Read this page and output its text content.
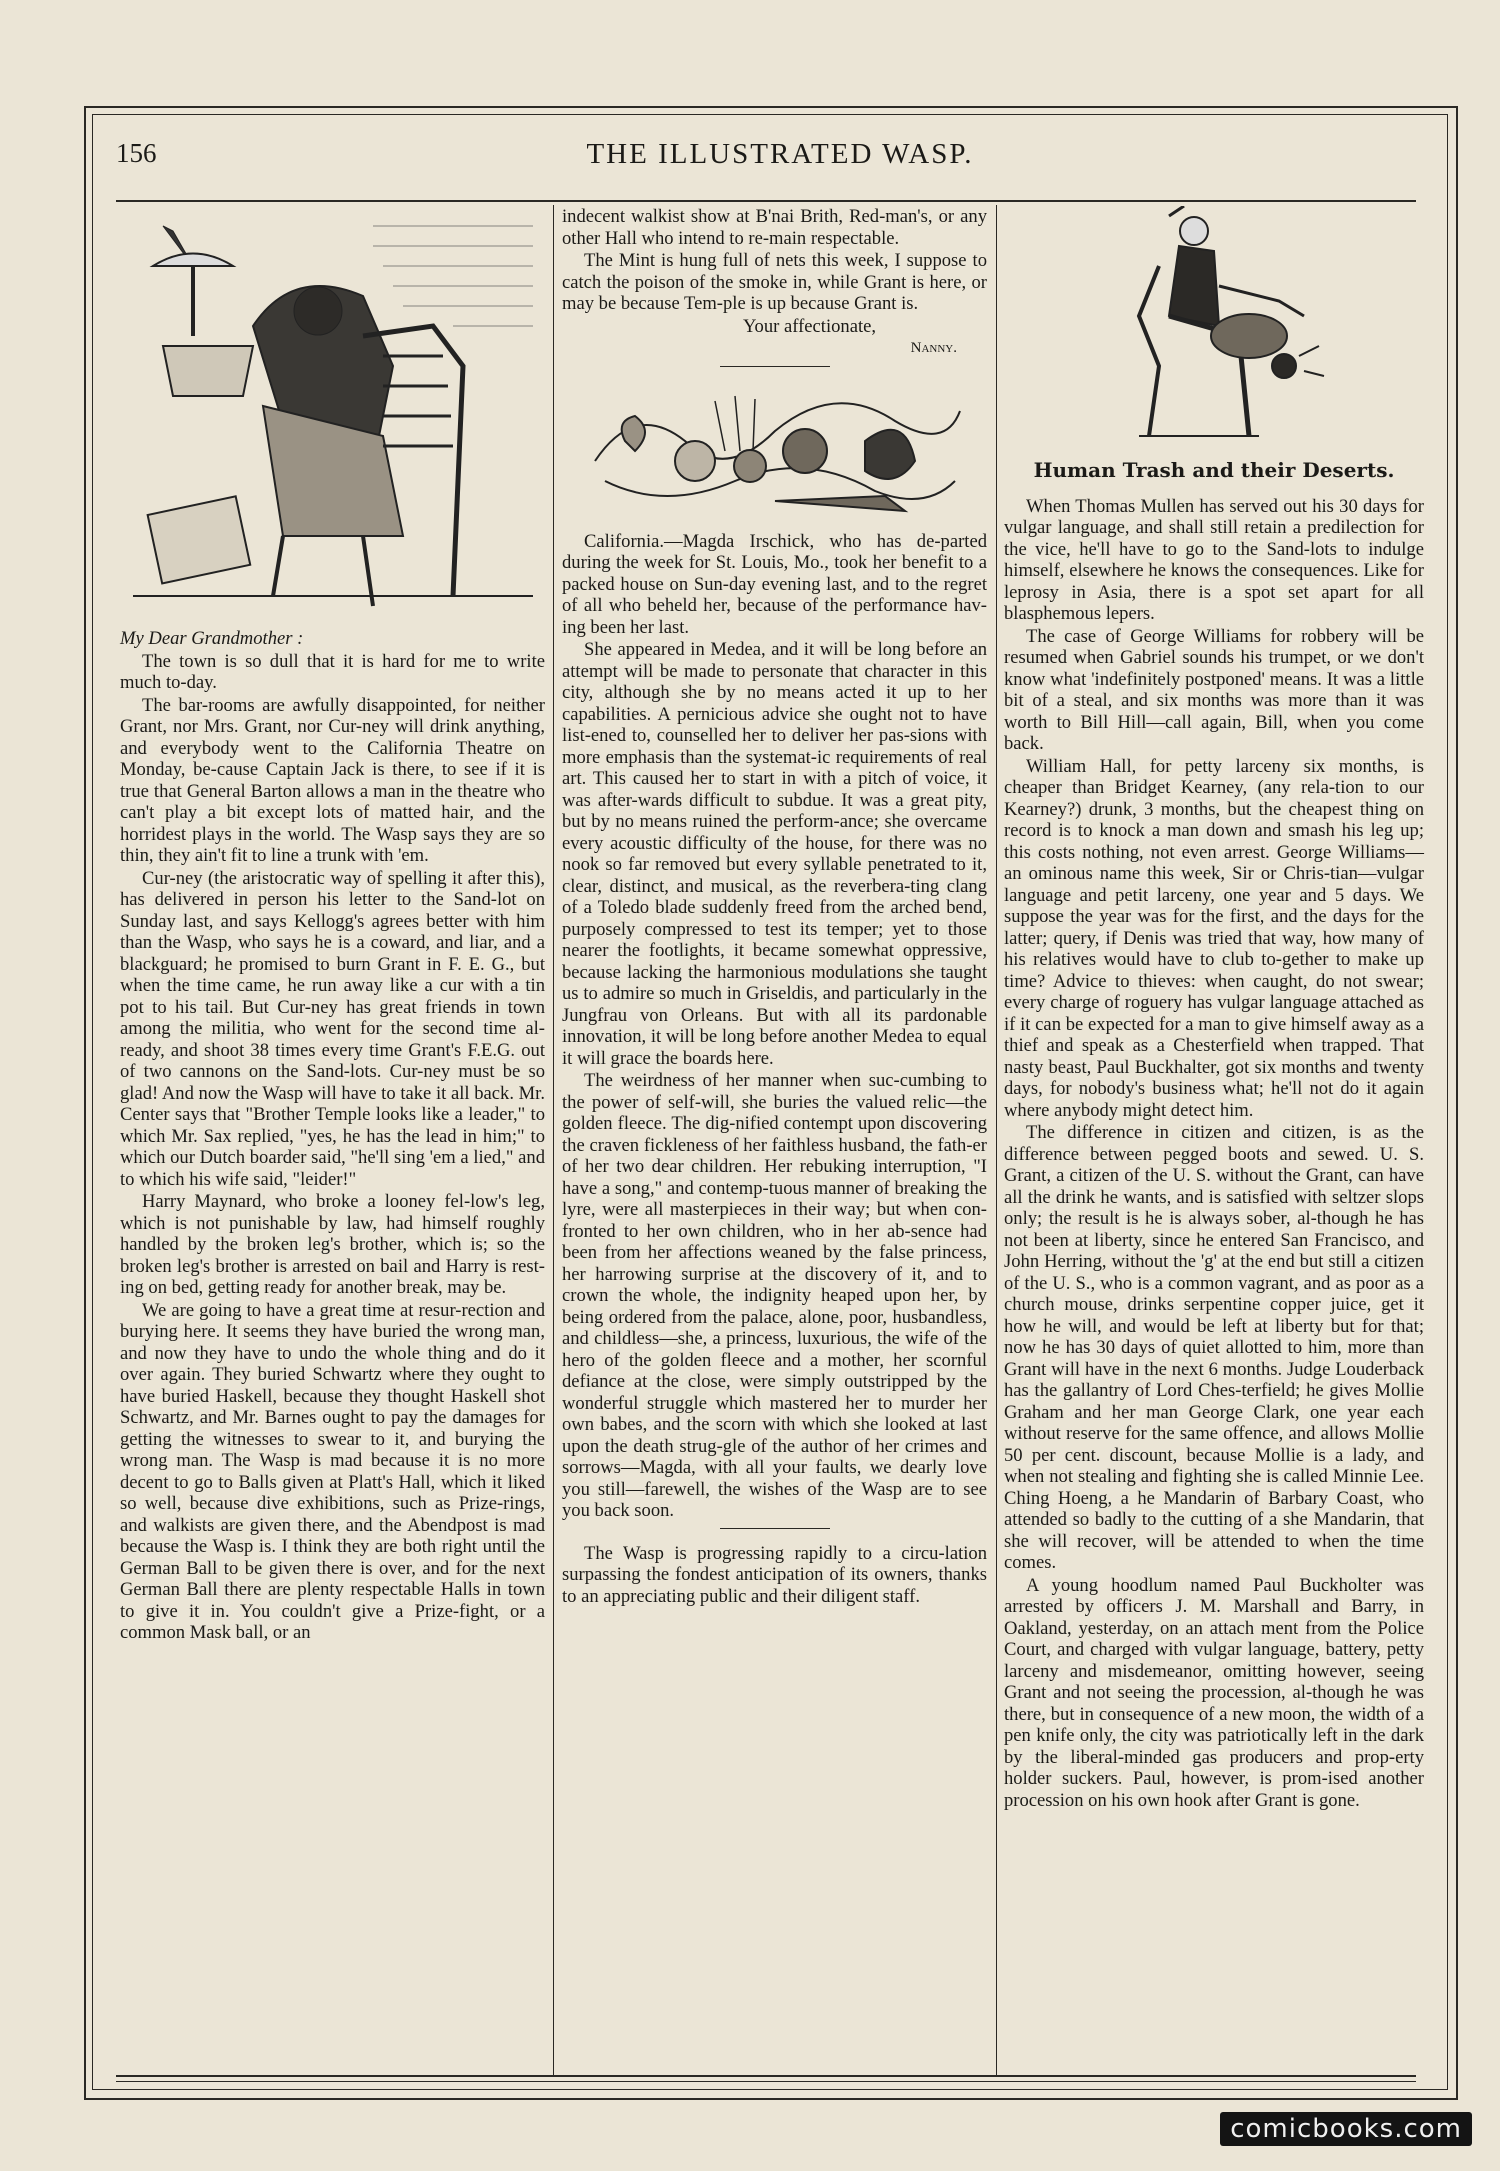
156	THE ILLUSTRATED WASP.

My Dear Grandmother :

The town is so dull that it is hard for me to write much to-day.

The bar-rooms are awfully disappointed, for neither Grant, nor Mrs. Grant, nor Cur-ney will drink anything, and everybody went to the California Theatre on Monday, be-cause Captain Jack is there, to see if it is true that General Barton allows a man in the theatre who can't play a bit except lots of matted hair, and the horridest plays in the world. The Wasp says they are so thin, they ain't fit to line a trunk with 'em.

Cur-ney (the aristocratic way of spelling it after this), has delivered in person his letter to the Sand-lot on Sunday last, and says Kellogg's agrees better with him than the Wasp, who says he is a coward, and liar, and a blackguard; he promised to burn Grant in F. E. G., but when the time came, he run away like a cur with a tin pot to his tail. But Cur-ney has great friends in town among the militia, who went for the second time al-ready, and shoot 38 times every time Grant's F.E.G. out of two cannons on the Sand-lots. Cur-ney must be so glad! And now the Wasp will have to take it all back. Mr. Center says that "Brother Temple looks like a leader," to which Mr. Sax replied, "yes, he has the lead in him;" to which our Dutch boarder said, "he'll sing 'em a lied," and to which his wife said, "leider!"

Harry Maynard, who broke a looney fel-low's leg, which is not punishable by law, had himself roughly handled by the broken leg's brother, which is; so the broken leg's brother is arrested on bail and Harry is rest-ing on bed, getting ready for another break, may be.

We are going to have a great time at resur-rection and burying here. It seems they have buried the wrong man, and now they have to undo the whole thing and do it over again. They buried Schwartz where they ought to have buried Haskell, because they thought Haskell shot Schwartz, and Mr. Barnes ought to pay the damages for getting the witnesses to swear to it, and burying the wrong man. The Wasp is mad because it is no more decent to go to Balls given at Platt's Hall, which it liked so well, because dive exhibitions, such as Prize-rings, and walkists are given there, and the Abendpost is mad because the Wasp is. I think they are both right until the German Ball to be given there is over, and for the next German Ball there are plenty respectable Halls in town to give it in. You couldn't give a Prize-fight, or a common Mask ball, or an

indecent walkist show at B'nai Brith, Red-man's, or any other Hall who intend to re-main respectable.

The Mint is hung full of nets this week, I suppose to catch the poison of the smoke in, while Grant is here, or may be because Tem-ple is up because Grant is.

Your affectionate,

Nanny.

California.—Magda Irschick, who has de-parted during the week for St. Louis, Mo., took her benefit to a packed house on Sun-day evening last, and to the regret of all who beheld her, because of the performance hav-ing been her last.

She appeared in Medea, and it will be long before an attempt will be made to personate that character in this city, although she by no means acted it up to her capabilities. A pernicious advice she ought not to have list-ened to, counselled her to deliver her pas-sions with more emphasis than the systemat-ic requirements of real art. This caused her to start in with a pitch of voice, it was after-wards difficult to subdue. It was a great pity, but by no means ruined the perform-ance; she overcame every acoustic difficulty of the house, for there was no nook so far removed but every syllable penetrated to it, clear, distinct, and musical, as the reverbera-ting clang of a Toledo blade suddenly freed from the arched bend, purposely compressed to test its temper; yet to those nearer the footlights, it became somewhat oppressive, because lacking the harmonious modulations she taught us to admire so much in Griseldis, and particularly in the Jungfrau von Orleans. But with all its pardonable innovation, it will be long before another Medea to equal it will grace the boards here.

The weirdness of her manner when suc-cumbing to the power of self-will, she buries the valued relic—the golden fleece. The dig-nified contempt upon discovering the craven fickleness of her faithless husband, the fath-er of her two dear children. Her rebuking interruption, "I have a song," and contemp-tuous manner of breaking the lyre, were all masterpieces in their way; but when con-fronted to her own children, who in her ab-sence had been from her affections weaned by the false princess, her harrowing surprise at the discovery of it, and to crown the whole, the indignity heaped upon her, by being ordered from the palace, alone, poor, husbandless, and childless—she, a princess, luxurious, the wife of the hero of the golden fleece and a mother, her scornful defiance at the close, were simply outstripped by the wonderful struggle which mastered her to murder her own babes, and the scorn with which she looked at last upon the death strug-gle of the author of her crimes and sorrows—Magda, with all your faults, we dearly love you still—farewell, the wishes of the Wasp are to see you back soon.

The Wasp is progressing rapidly to a circu-lation surpassing the fondest anticipation of its owners, thanks to an appreciating public and their diligent staff.

Human Trash and their Deserts.

When Thomas Mullen has served out his 30 days for vulgar language, and shall still retain a predilection for the vice, he'll have to go to the Sand-lots to indulge himself, elsewhere he knows the consequences. Like for leprosy in Asia, there is a spot set apart for all blasphemous lepers.

The case of George Williams for robbery will be resumed when Gabriel sounds his trumpet, or we don't know what 'indefinitely postponed' means. It was a little bit of a steal, and six months was more than it was worth to Bill Hill—call again, Bill, when you come back.

William Hall, for petty larceny six months, is cheaper than Bridget Kearney, (any rela-tion to our Kearney?) drunk, 3 months, but the cheapest thing on record is to knock a man down and smash his leg up; this costs nothing, not even arrest. George Williams—an ominous name this week, Sir or Chris-tian—vulgar language and petit larceny, one year and 5 days. We suppose the year was for the first, and the days for the latter; query, if Denis was tried that way, how many of his relatives would have to club to-gether to make up time? Advice to thieves: when caught, do not swear; every charge of roguery has vulgar language attached as if it can be expected for a man to give himself away as a thief and speak as a Chesterfield when trapped. That nasty beast, Paul Buckhalter, got six months and twenty days, for nobody's business what; he'll not do it again where anybody might detect him.

The difference in citizen and citizen, is as the difference between pegged boots and sewed. U. S. Grant, a citizen of the U. S. without the Grant, can have all the drink he wants, and is satisfied with seltzer slops only; the result is he is always sober, al-though he has not been at liberty, since he entered San Francisco, and John Herring, without the 'g' at the end but still a citizen of the U. S., who is a common vagrant, and as poor as a church mouse, drinks serpentine copper juice, get it how he will, and would be left at liberty but for that; now he has 30 days of quiet allotted to him, more than Grant will have in the next 6 months. Judge Louderback has the gallantry of Lord Ches-terfield; he gives Mollie Graham and her man George Clark, one year each without reserve for the same offence, and allows Mollie 50 per cent. discount, because Mollie is a lady, and when not stealing and fighting she is called Minnie Lee. Ching Hoeng, a he Mandarin of Barbary Coast, who attended so badly to the cutting of a she Mandarin, that she will recover, will be attended to when the time comes.

A young hoodlum named Paul Buckholter was arrested by officers J. M. Marshall and Barry, in Oakland, yesterday, on an attach ment from the Police Court, and charged with vulgar language, battery, petty larceny and misdemeanor, omitting however, seeing Grant and not seeing the procession, al-though he was there, but in consequence of a new moon, the width of a pen knife only, the city was patriotically left in the dark by the liberal-minded gas producers and prop-erty holder suckers. Paul, however, is prom-ised another procession on his own hook after Grant is gone.

comicbooks.com
